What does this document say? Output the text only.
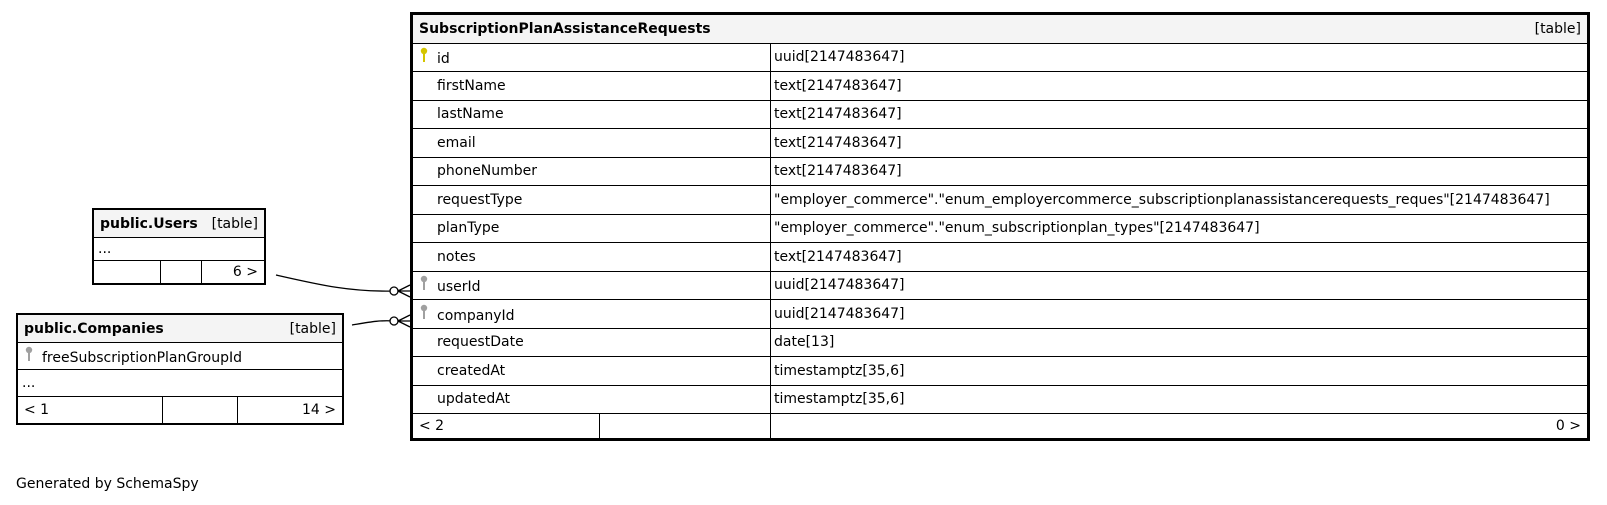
SubscriptionPlanAssistanceRequests [table]		

id		uuid[2147483647]
firstName		text[2147483647]
lastName		text[2147483647]
email		text[2147483647]
phoneNumber		text[2147483647]
requestType		"employer_commerce"."enum_employercommerce_subscriptionplanassistancerequests_reques"[2147483647]
planType		"employer_commerce"."enum_subscriptionplan_types"[2147483647]
notes		text[2147483647]
userId		uuid[2147483647]
companyId		uuid[2147483647]
requestDate		date[13]
createdAt		timestamptz[35,6]
updatedAt		timestamptz[35,6]
< 2		0 >
public.Users [table]

...
		6 >
public.Companies	[table]

freeSubscriptionPlanGroupId
...
< 1		14 >
Generated by SchemaSpy
